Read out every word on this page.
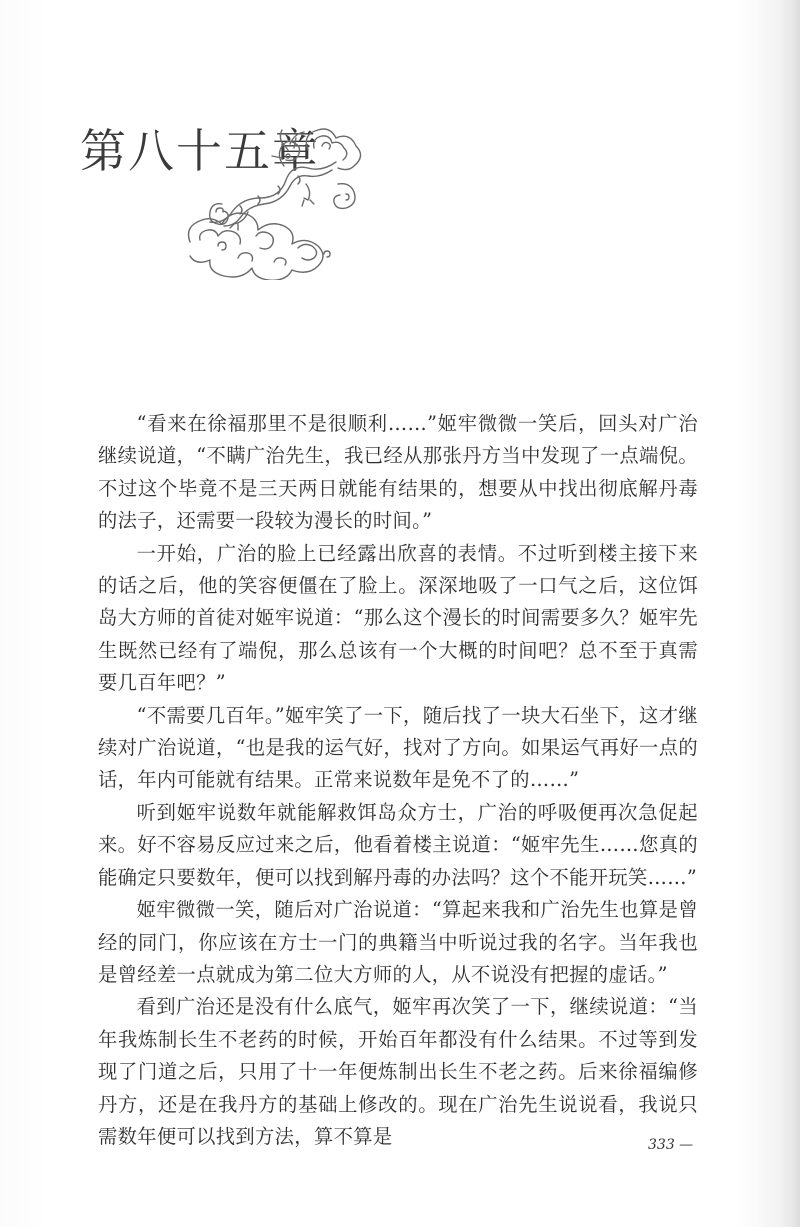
第八十五章

“看来在徐福那里不是很顺利……”姬牢微微一笑后，回头对广治继续说道，“不瞒广治先生，我已经从那张丹方当中发现了一点端倪。不过这个毕竟不是三天两日就能有结果的，想要从中找出彻底解丹毒的法子，还需要一段较为漫长的时间。”

一开始，广治的脸上已经露出欣喜的表情。不过听到楼主接下来的话之后，他的笑容便僵在了脸上。深深地吸了一口气之后，这位饵岛大方师的首徒对姬牢说道：“那么这个漫长的时间需要多久？姬牢先生既然已经有了端倪，那么总该有一个大概的时间吧？总不至于真需要几百年吧？”

“不需要几百年。”姬牢笑了一下，随后找了一块大石坐下，这才继续对广治说道，“也是我的运气好，找对了方向。如果运气再好一点的话，年内可能就有结果。正常来说数年是免不了的……”

听到姬牢说数年就能解救饵岛众方士，广治的呼吸便再次急促起来。好不容易反应过来之后，他看着楼主说道：“姬牢先生……您真的能确定只要数年，便可以找到解丹毒的办法吗？这个不能开玩笑……”

姬牢微微一笑，随后对广治说道：“算起来我和广治先生也算是曾经的同门，你应该在方士一门的典籍当中听说过我的名字。当年我也是曾经差一点就成为第二位大方师的人，从不说没有把握的虚话。”

看到广治还是没有什么底气，姬牢再次笑了一下，继续说道：“当年我炼制长生不老药的时候，开始百年都没有什么结果。不过等到发现了门道之后，只用了十一年便炼制出长生不老之药。后来徐福编修丹方，还是在我丹方的基础上修改的。现在广治先生说说看，我说只需数年便可以找到方法，算不算是	333 —
